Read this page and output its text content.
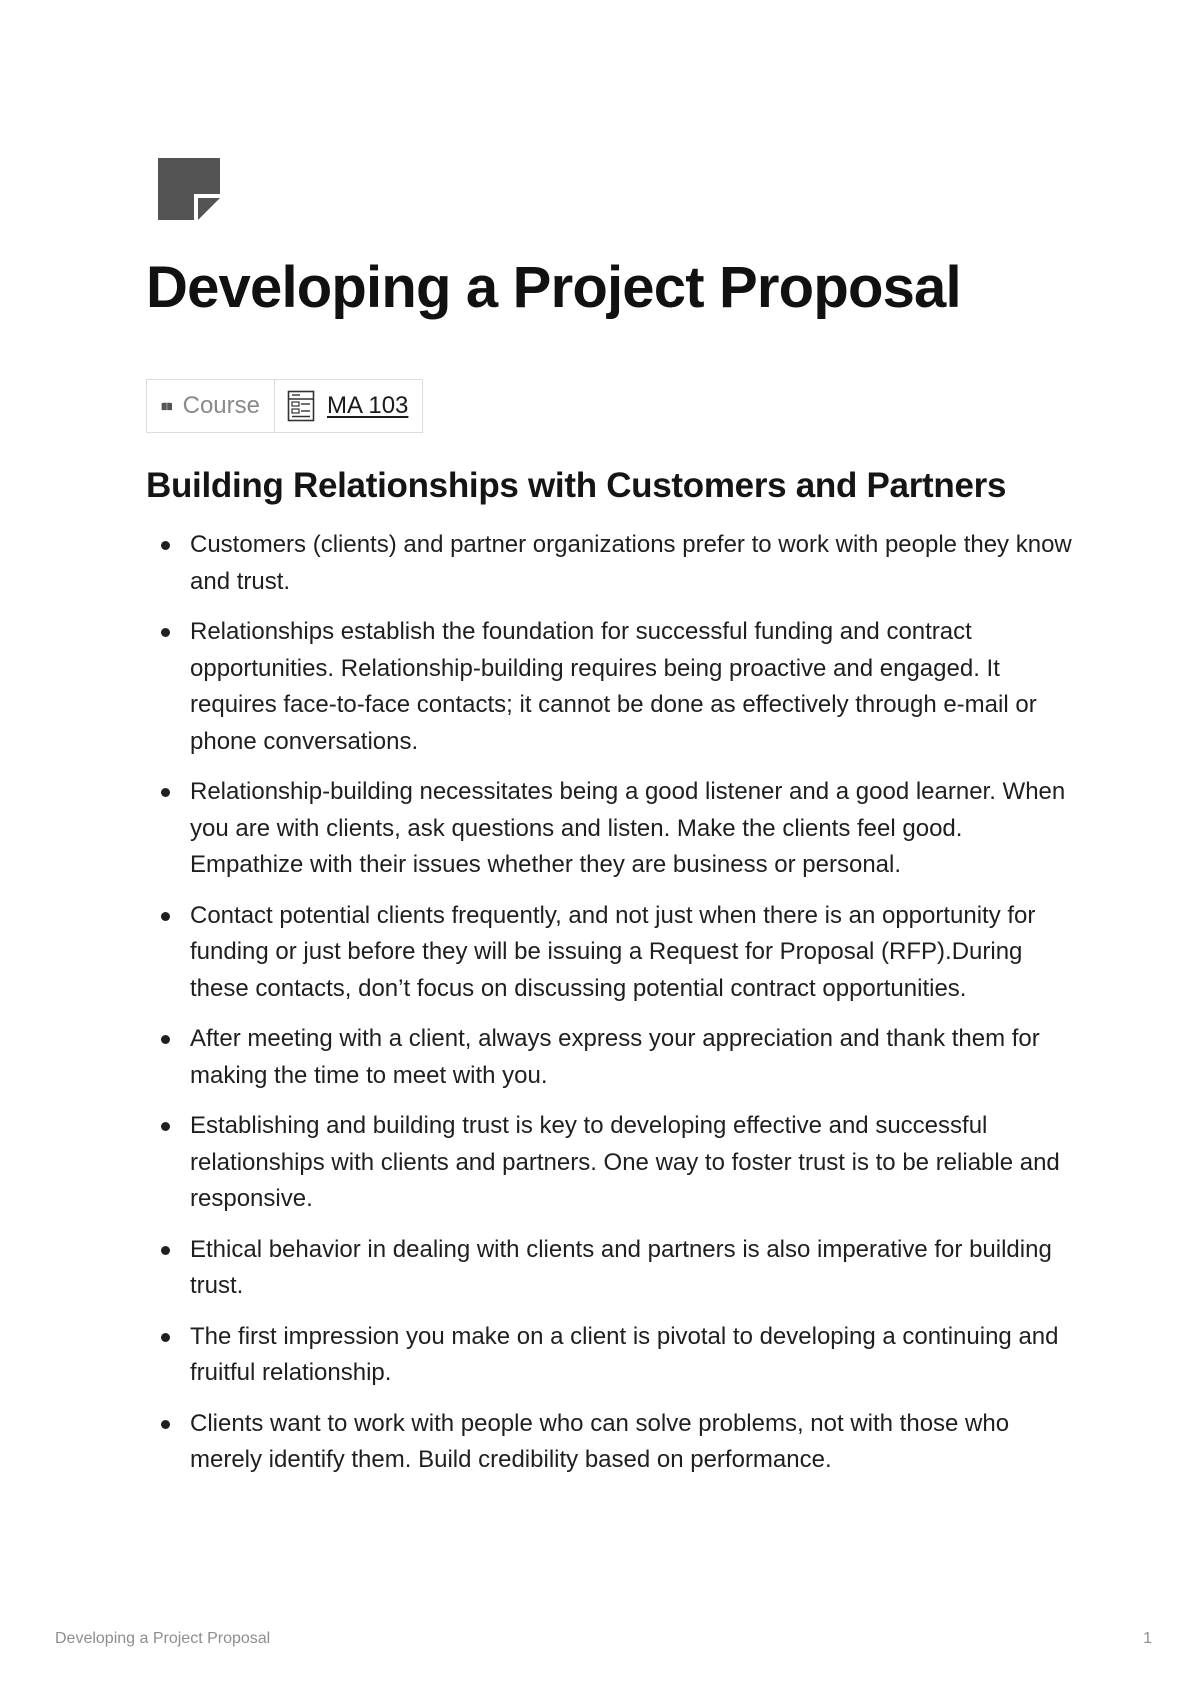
Developing a Project Proposal
Course	MA 103
Building Relationships with Customers and Partners
Customers (clients) and partner organizations prefer to work with people they know and trust.
Relationships establish the foundation for successful funding and contract opportunities. Relationship-building requires being proactive and engaged. It requires face-to-face contacts; it cannot be done as effectively through e-mail or phone conversations.
Relationship-building necessitates being a good listener and a good learner. When you are with clients, ask questions and listen. Make the clients feel good. Empathize with their issues whether they are business or personal.
Contact potential clients frequently, and not just when there is an opportunity for funding or just before they will be issuing a Request for Proposal (RFP).During these contacts, don’t focus on discussing potential contract opportunities.
After meeting with a client, always express your appreciation and thank them for making the time to meet with you.
Establishing and building trust is key to developing effective and successful relationships with clients and partners. One way to foster trust is to be reliable and responsive.
Ethical behavior in dealing with clients and partners is also imperative for building trust.
The first impression you make on a client is pivotal to developing a continuing and fruitful relationship.
Clients want to work with people who can solve problems, not with those who merely identify them. Build credibility based on performance.
Developing a Project Proposal	1
